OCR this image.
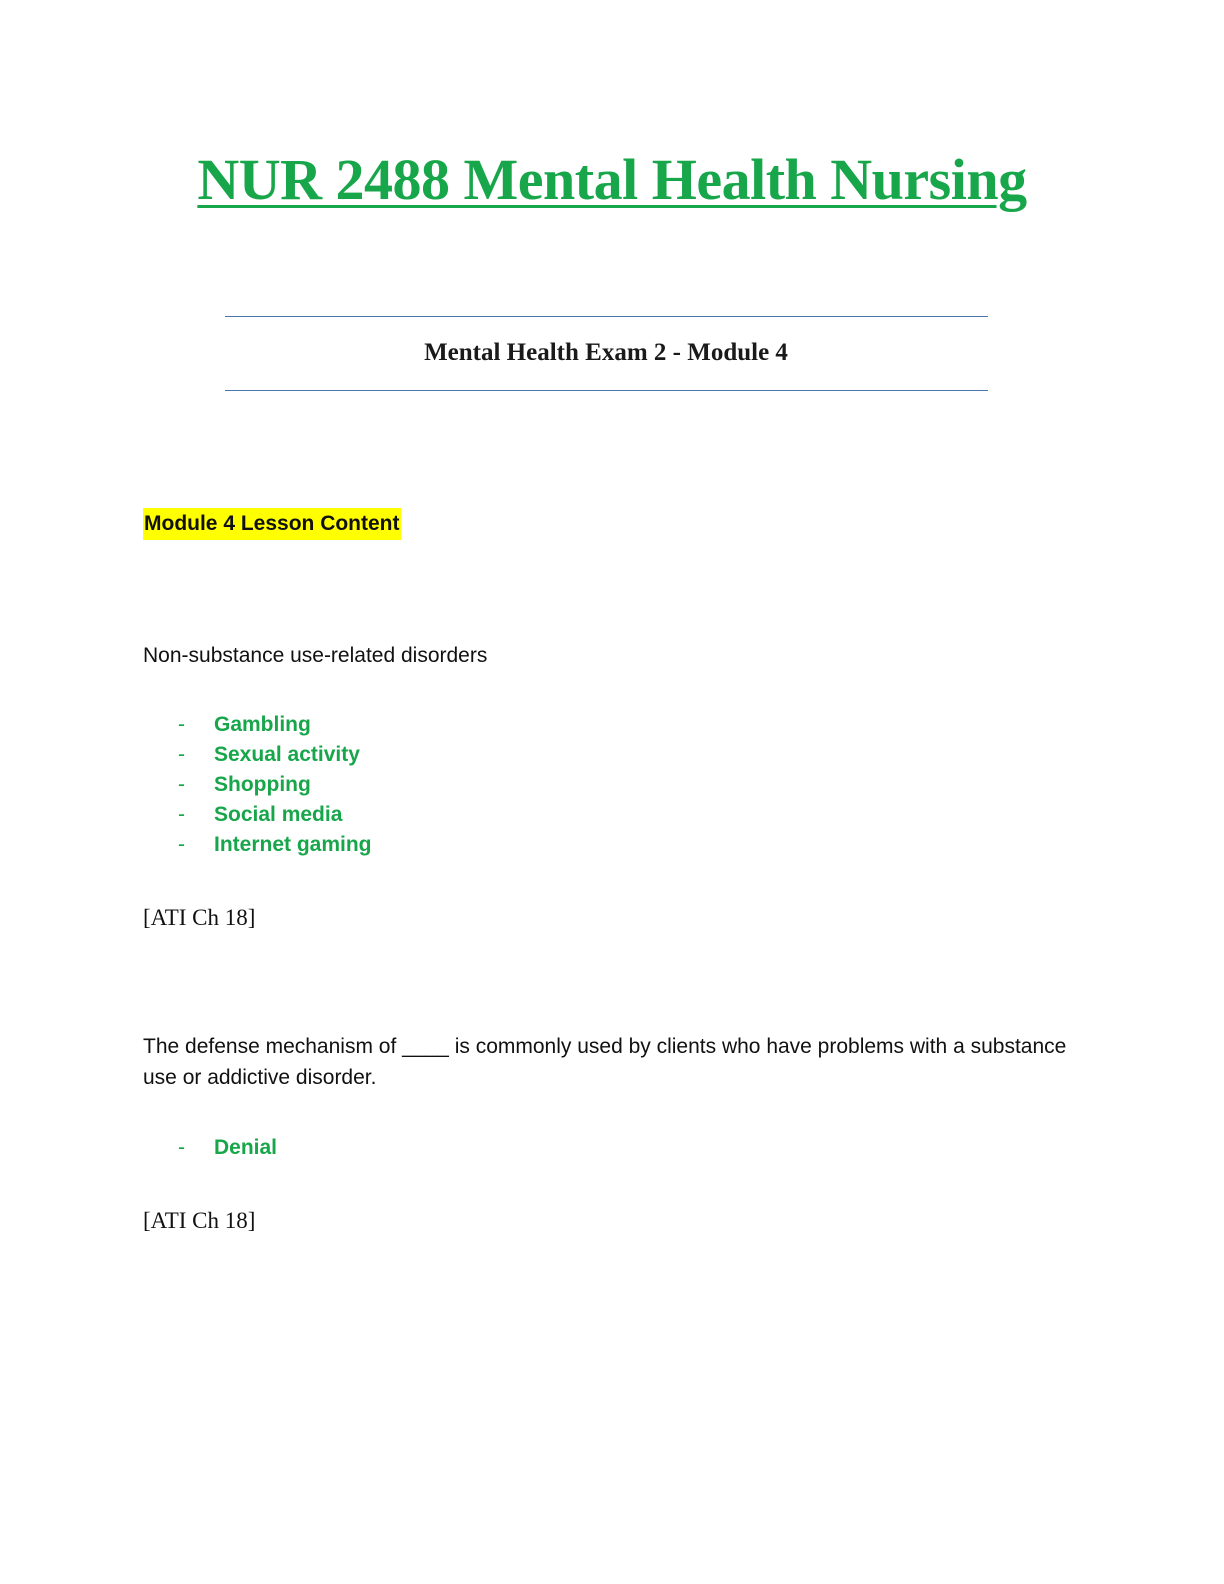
NUR 2488 Mental Health Nursing
Mental Health Exam 2 - Module 4

Module 4 Lesson Content

Non-substance use-related disorders

- Gambling
- Sexual activity
- Shopping
- Social media
- Internet gaming

[ATI Ch 18]

The defense mechanism of ____ is commonly used by clients who have problems with a substance use or addictive disorder.

- Denial

[ATI Ch 18]
